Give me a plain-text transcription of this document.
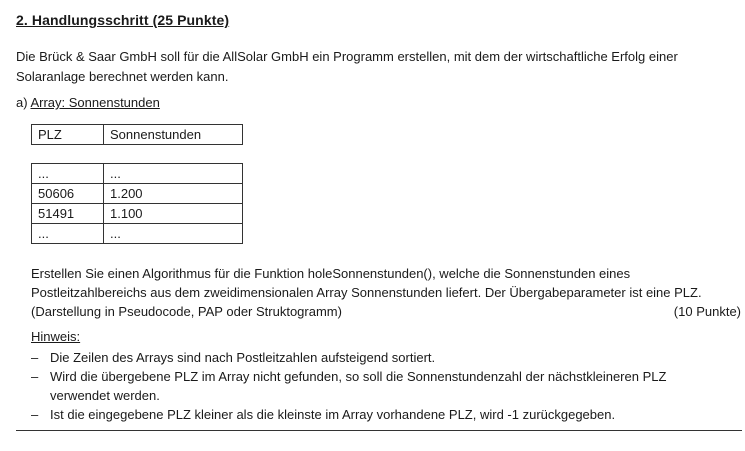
2. Handlungsschritt (25 Punkte)
Die Brück & Saar GmbH soll für die AllSolar GmbH ein Programm erstellen, mit dem der wirtschaftliche Erfolg einer Solaranlage berechnet werden kann.
a) Array: Sonnenstunden
PLZ	Sonnenstunden
...	...
50606	1.200
51491	1.100
...	...
Erstellen Sie einen Algorithmus für die Funktion holeSonnenstunden(), welche die Sonnenstunden eines Postleitzahlbereichs aus dem zweidimensionalen Array Sonnenstunden liefert. Der Übergabeparameter ist eine PLZ.
(Darstellung in Pseudocode, PAP oder Struktogramm)	(10 Punkte)
Hinweis:
– Die Zeilen des Arrays sind nach Postleitzahlen aufsteigend sortiert.
– Wird die übergebene PLZ im Array nicht gefunden, so soll die Sonnenstundenzahl der nächstkleineren PLZ verwendet werden.
– Ist die eingegebene PLZ kleiner als die kleinste im Array vorhandene PLZ, wird -1 zurückgegeben.
